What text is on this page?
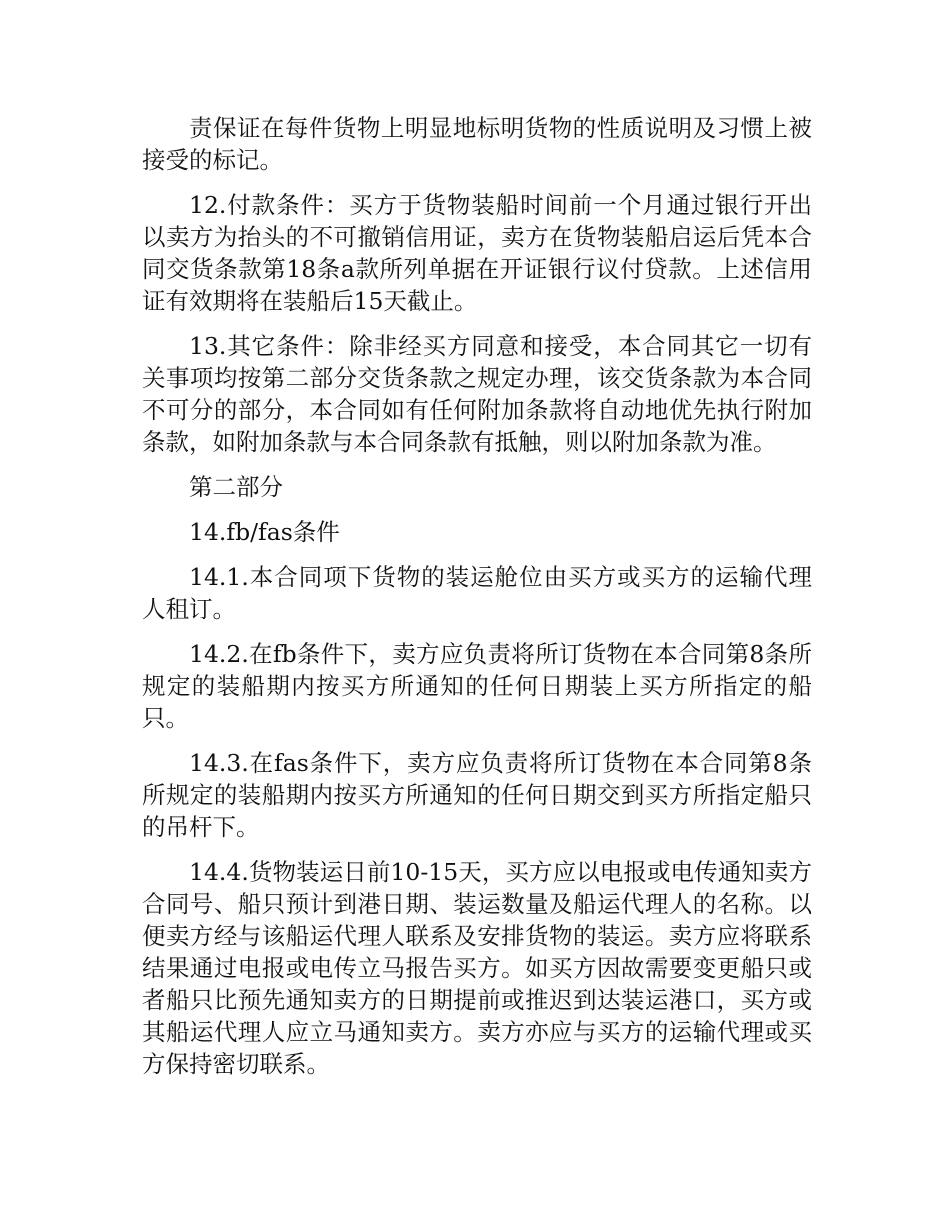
责保证在每件货物上明显地标明货物的性质说明及习惯上被接受的标记。

12.付款条件：买方于货物装船时间前一个月通过银行开出以卖方为抬头的不可撤销信用证，卖方在货物装船启运后凭本合同交货条款第18条a款所列单据在开证银行议付贷款。上述信用证有效期将在装船后15天截止。

13.其它条件：除非经买方同意和接受，本合同其它一切有关事项均按第二部分交货条款之规定办理，该交货条款为本合同不可分的部分，本合同如有任何附加条款将自动地优先执行附加条款，如附加条款与本合同条款有抵触，则以附加条款为准。

第二部分

14.fb/fas条件

14.1.本合同项下货物的装运舱位由买方或买方的运输代理人租订。

14.2.在fb条件下，卖方应负责将所订货物在本合同第8条所规定的装船期内按买方所通知的任何日期装上买方所指定的船只。

14.3.在fas条件下，卖方应负责将所订货物在本合同第8条所规定的装船期内按买方所通知的任何日期交到买方所指定船只的吊杆下。

14.4.货物装运日前10-15天，买方应以电报或电传通知卖方合同号、船只预计到港日期、装运数量及船运代理人的名称。以便卖方经与该船运代理人联系及安排货物的装运。卖方应将联系结果通过电报或电传立马报告买方。如买方因故需要变更船只或者船只比预先通知卖方的日期提前或推迟到达装运港口，买方或其船运代理人应立马通知卖方。卖方亦应与买方的运输代理或买方保持密切联系。
